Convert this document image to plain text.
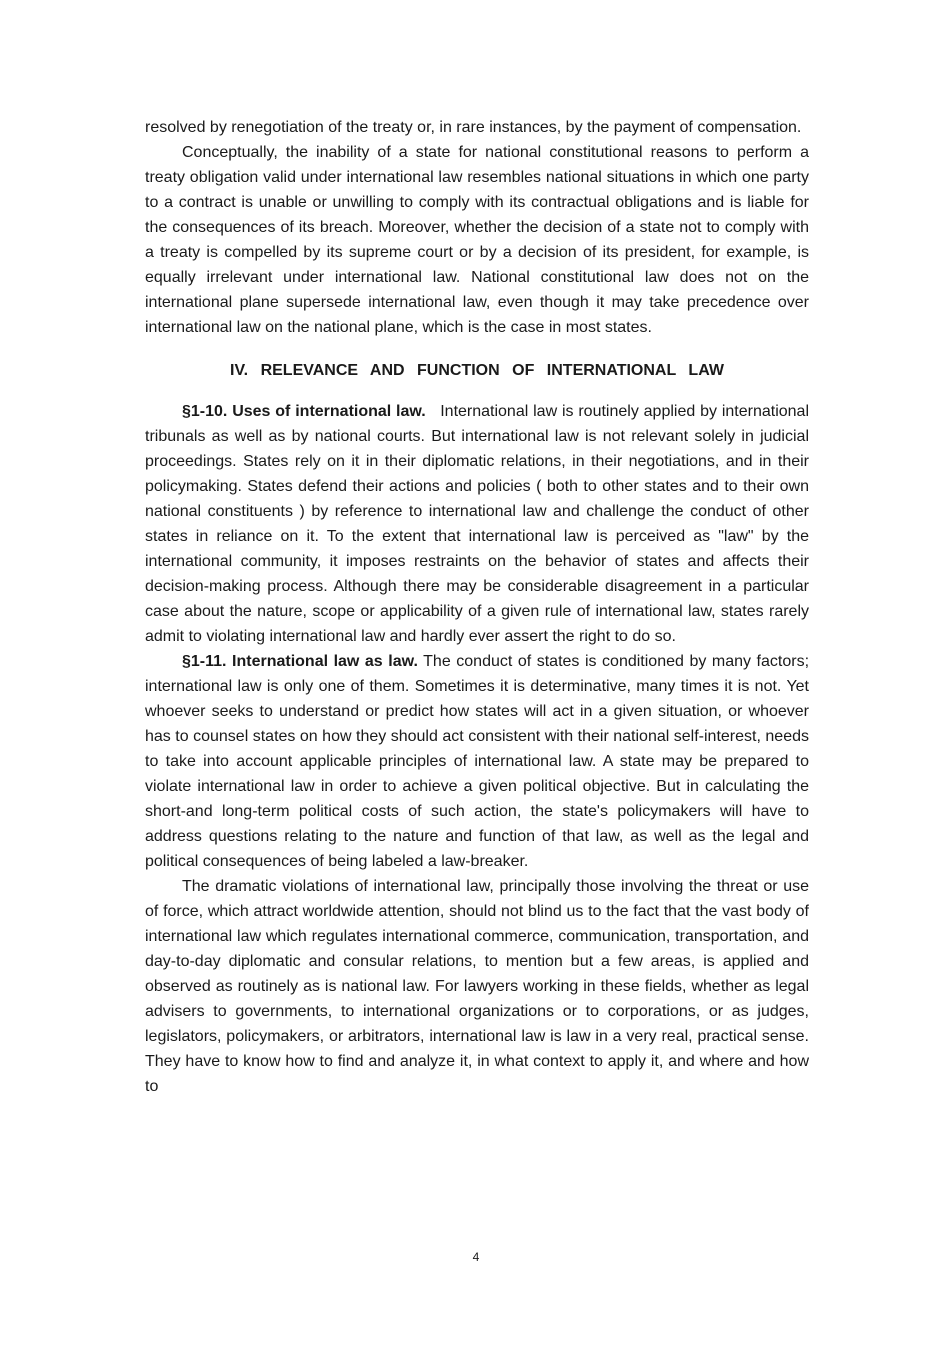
resolved by renegotiation of the treaty or, in rare instances, by the payment of compensation.

Conceptually, the inability of a state for national constitutional reasons to perform a treaty obligation valid under international law resembles national situations in which one party to a contract is unable or unwilling to comply with its contractual obligations and is liable for the consequences of its breach. Moreover, whether the decision of a state not to comply with a treaty is compelled by its supreme court or by a decision of its president, for example, is equally irrelevant under international law. National constitutional law does not on the international plane supersede international law, even though it may take precedence over international law on the national plane, which is the case in most states.

IV. RELEVANCE AND FUNCTION OF INTERNATIONAL LAW

§1-10. Uses of international law. International law is routinely applied by international tribunals as well as by national courts. But international law is not relevant solely in judicial proceedings. States rely on it in their diplomatic relations, in their negotiations, and in their policymaking. States defend their actions and policies ( both to other states and to their own national constituents ) by reference to international law and challenge the conduct of other states in reliance on it. To the extent that international law is perceived as "law" by the international community, it imposes restraints on the behavior of states and affects their decision-making process. Although there may be considerable disagreement in a particular case about the nature, scope or applicability of a given rule of international law, states rarely admit to violating international law and hardly ever assert the right to do so.

§1-11. International law as law. The conduct of states is conditioned by many factors; international law is only one of them. Sometimes it is determinative, many times it is not. Yet whoever seeks to understand or predict how states will act in a given situation, or whoever has to counsel states on how they should act consistent with their national self-interest, needs to take into account applicable principles of international law. A state may be prepared to violate international law in order to achieve a given political objective. But in calculating the short-and long-term political costs of such action, the state's policymakers will have to address questions relating to the nature and function of that law, as well as the legal and political consequences of being labeled a law-breaker.

The dramatic violations of international law, principally those involving the threat or use of force, which attract worldwide attention, should not blind us to the fact that the vast body of international law which regulates international commerce, communication, transportation, and day-to-day diplomatic and consular relations, to mention but a few areas, is applied and observed as routinely as is national law. For lawyers working in these fields, whether as legal advisers to governments, to international organizations or to corporations, or as judges, legislators, policymakers, or arbitrators, international law is law in a very real, practical sense. They have to know how to find and analyze it, in what context to apply it, and where and how to

4
